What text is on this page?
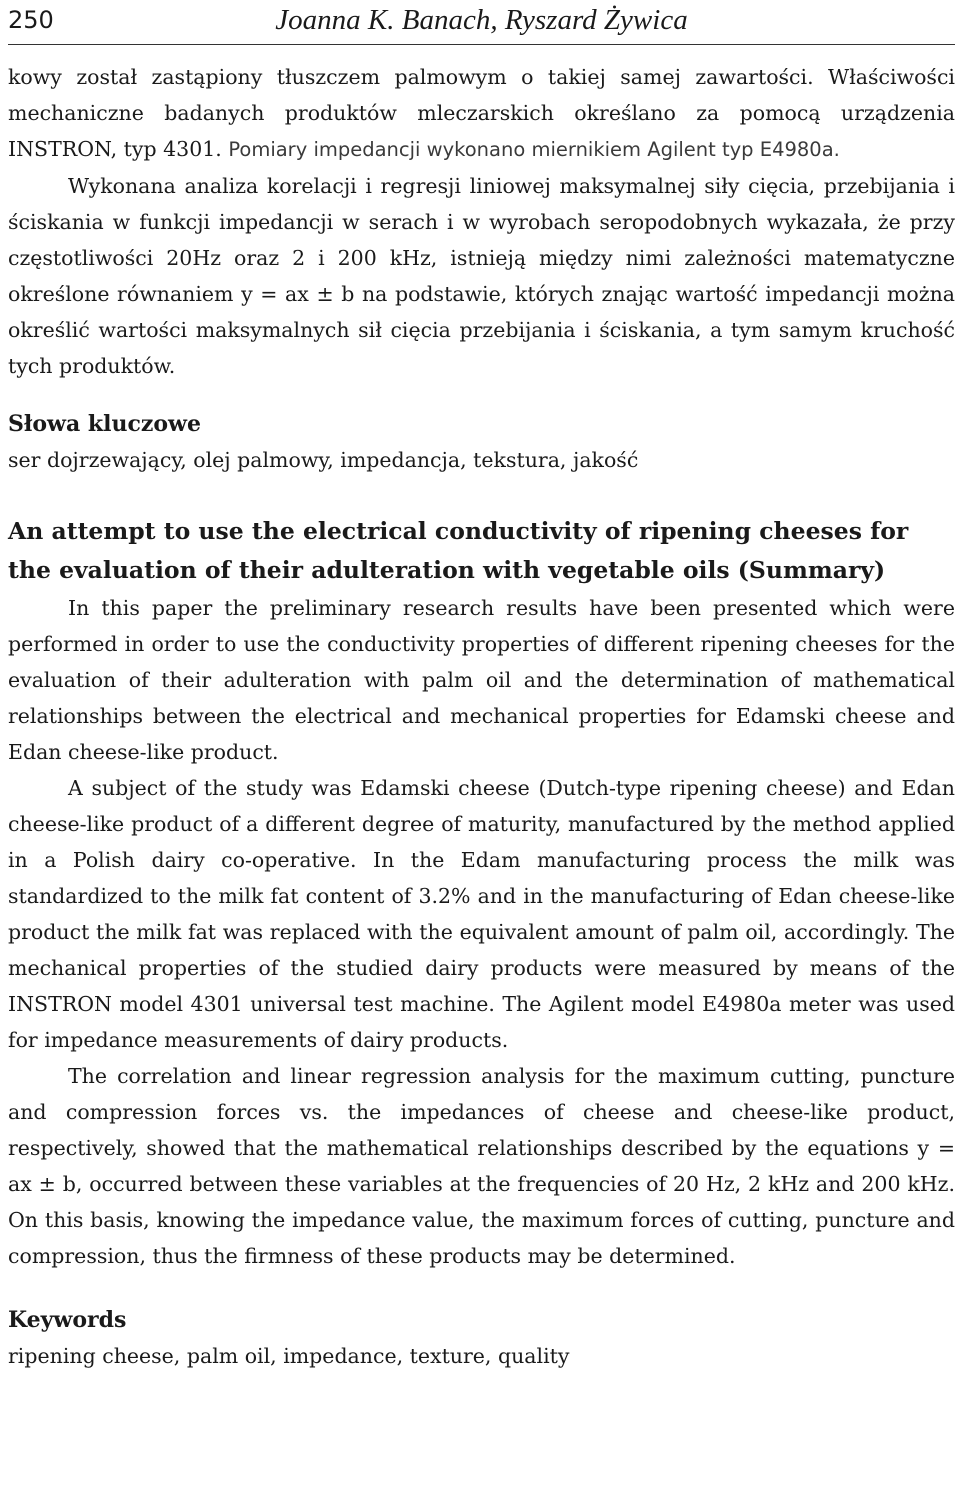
250	Joanna K. Banach, Ryszard Żywica

kowy został zastąpiony tłuszczem palmowym o takiej samej zawartości. Właściwości mechaniczne badanych produktów mleczarskich określano za pomocą urządzenia INSTRON, typ 4301. Pomiary impedancji wykonano miernikiem Agilent typ E4980a.

Wykonana analiza korelacji i regresji liniowej maksymalnej siły cięcia, przebijania i ściskania w funkcji impedancji w serach i w wyrobach seropodobnych wykazała, że przy częstotliwości 20Hz oraz 2 i 200 kHz, istnieją między nimi zależności matematyczne określone równaniem y = ax ± b na podstawie, których znając wartość impedancji można określić wartości maksymalnych sił cięcia przebijania i ściskania, a tym samym kruchość tych produktów.

Słowa kluczowe
ser dojrzewający, olej palmowy, impedancja, tekstura, jakość
An attempt to use the electrical conductivity of ripening cheeses for the evaluation of their adulteration with vegetable oils (Summary)

In this paper the preliminary research results have been presented which were performed in order to use the conductivity properties of different ripening cheeses for the evaluation of their adulteration with palm oil and the determination of mathematical relationships between the electrical and mechanical properties for Edamski cheese and Edan cheese-like product.

A subject of the study was Edamski cheese (Dutch-type ripening cheese) and Edan cheese-like product of a different degree of maturity, manufactured by the method applied in a Polish dairy co-operative. In the Edam manufacturing process the milk was standardized to the milk fat content of 3.2% and in the manufacturing of Edan cheese-like product the milk fat was replaced with the equivalent amount of palm oil, accordingly. The mechanical properties of the studied dairy products were measured by means of the INSTRON model 4301 universal test machine. The Agilent model E4980a meter was used for impedance measurements of dairy products.

The correlation and linear regression analysis for the maximum cutting, puncture and compression forces vs. the impedances of cheese and cheese-like product, respectively, showed that the mathematical relationships described by the equations y = ax ± b, occurred between these variables at the frequencies of 20 Hz, 2 kHz and 200 kHz. On this basis, knowing the impedance value, the maximum forces of cutting, puncture and compression, thus the firmness of these products may be determined.

Keywords
ripening cheese, palm oil, impedance, texture, quality
